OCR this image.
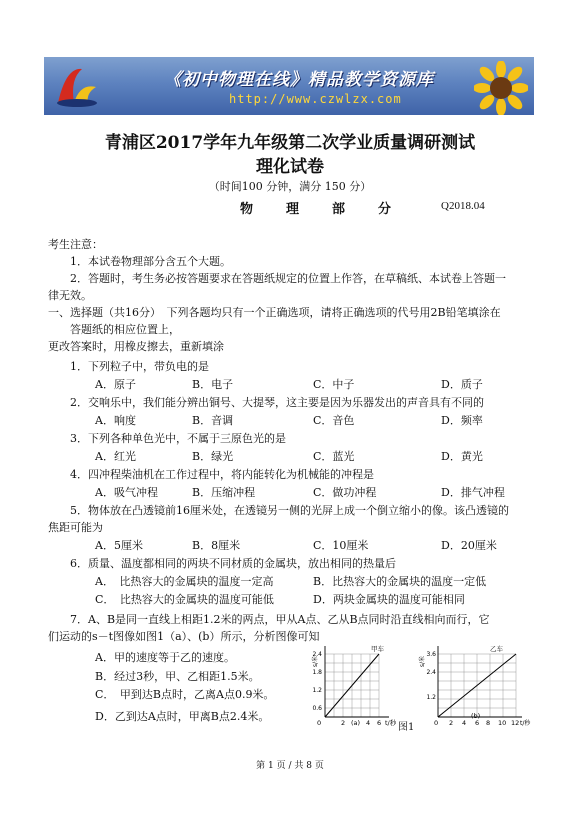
《初中物理在线》精品教学资源库
http://www.czwlzx.com
青浦区2017学年九年级第二次学业质量调研测试
理化试卷
（时间100 分钟，满分 150 分）
物　理　部　分	Q2018.04
考生注意：
1．本试卷物理部分含五个大题。
2．答题时，考生务必按答题要求在答题纸规定的位置上作答，在草稿纸、本试卷上答题一
律无效。
一、选择题（共16分）　下列各题均只有一个正确选项，请将正确选项的代号用2B铅笔填涂在
答题纸的相应位置上，
更改答案时，用橡皮擦去，重新填涂
1．下列粒子中，带负电的是
A．原子	B．电子	C．中子	D．质子
2．交响乐中，我们能分辨出铜号、大提琴，这主要是因为乐器发出的声音具有不同的
A．响度	B．音调	C．音色	D．频率
3．下列各种单色光中，不属于三原色光的是
A．红光	B．绿光	C．蓝光	D．黄光
4．四冲程柴油机在工作过程中，将内能转化为机械能的冲程是
A．吸气冲程	B．压缩冲程	C．做功冲程	D．排气冲程
5．物体放在凸透镜前16厘米处，在透镜另一侧的光屏上成一个倒立缩小的像。该凸透镜的
焦距可能为
A．5厘米	B．8厘米	C．10厘米	D．20厘米
6．质量、温度都相同的两块不同材质的金属块，放出相同的热量后
A．　比热容大的金属块的温度一定高	B．比热容大的金属块的温度一定低
C．　比热容大的金属块的温度可能低	D．两块金属块的温度可能相同
7．A、B是同一直线上相距1.2米的两点，甲从A点、乙从B点同时沿直线相向而行，它
们运动的s－t图像如图1（a）、(b）所示，分析图像可知
A．甲的速度等于乙的速度。
B．经过3秒，甲、乙相距1.5米。
C．　甲到达B点时，乙离A点0.9米。
D．乙到达A点时，甲离B点2.4米。
s/米
甲车
2.4
1.8
1.2
0.6
0	2 (a) 4 6 t/秒 图1
s/米
乙车
3.6
2.4
1.2
0 2 4 6 8 10 12
(b)
t/秒
第 1 页 / 共 8 页
